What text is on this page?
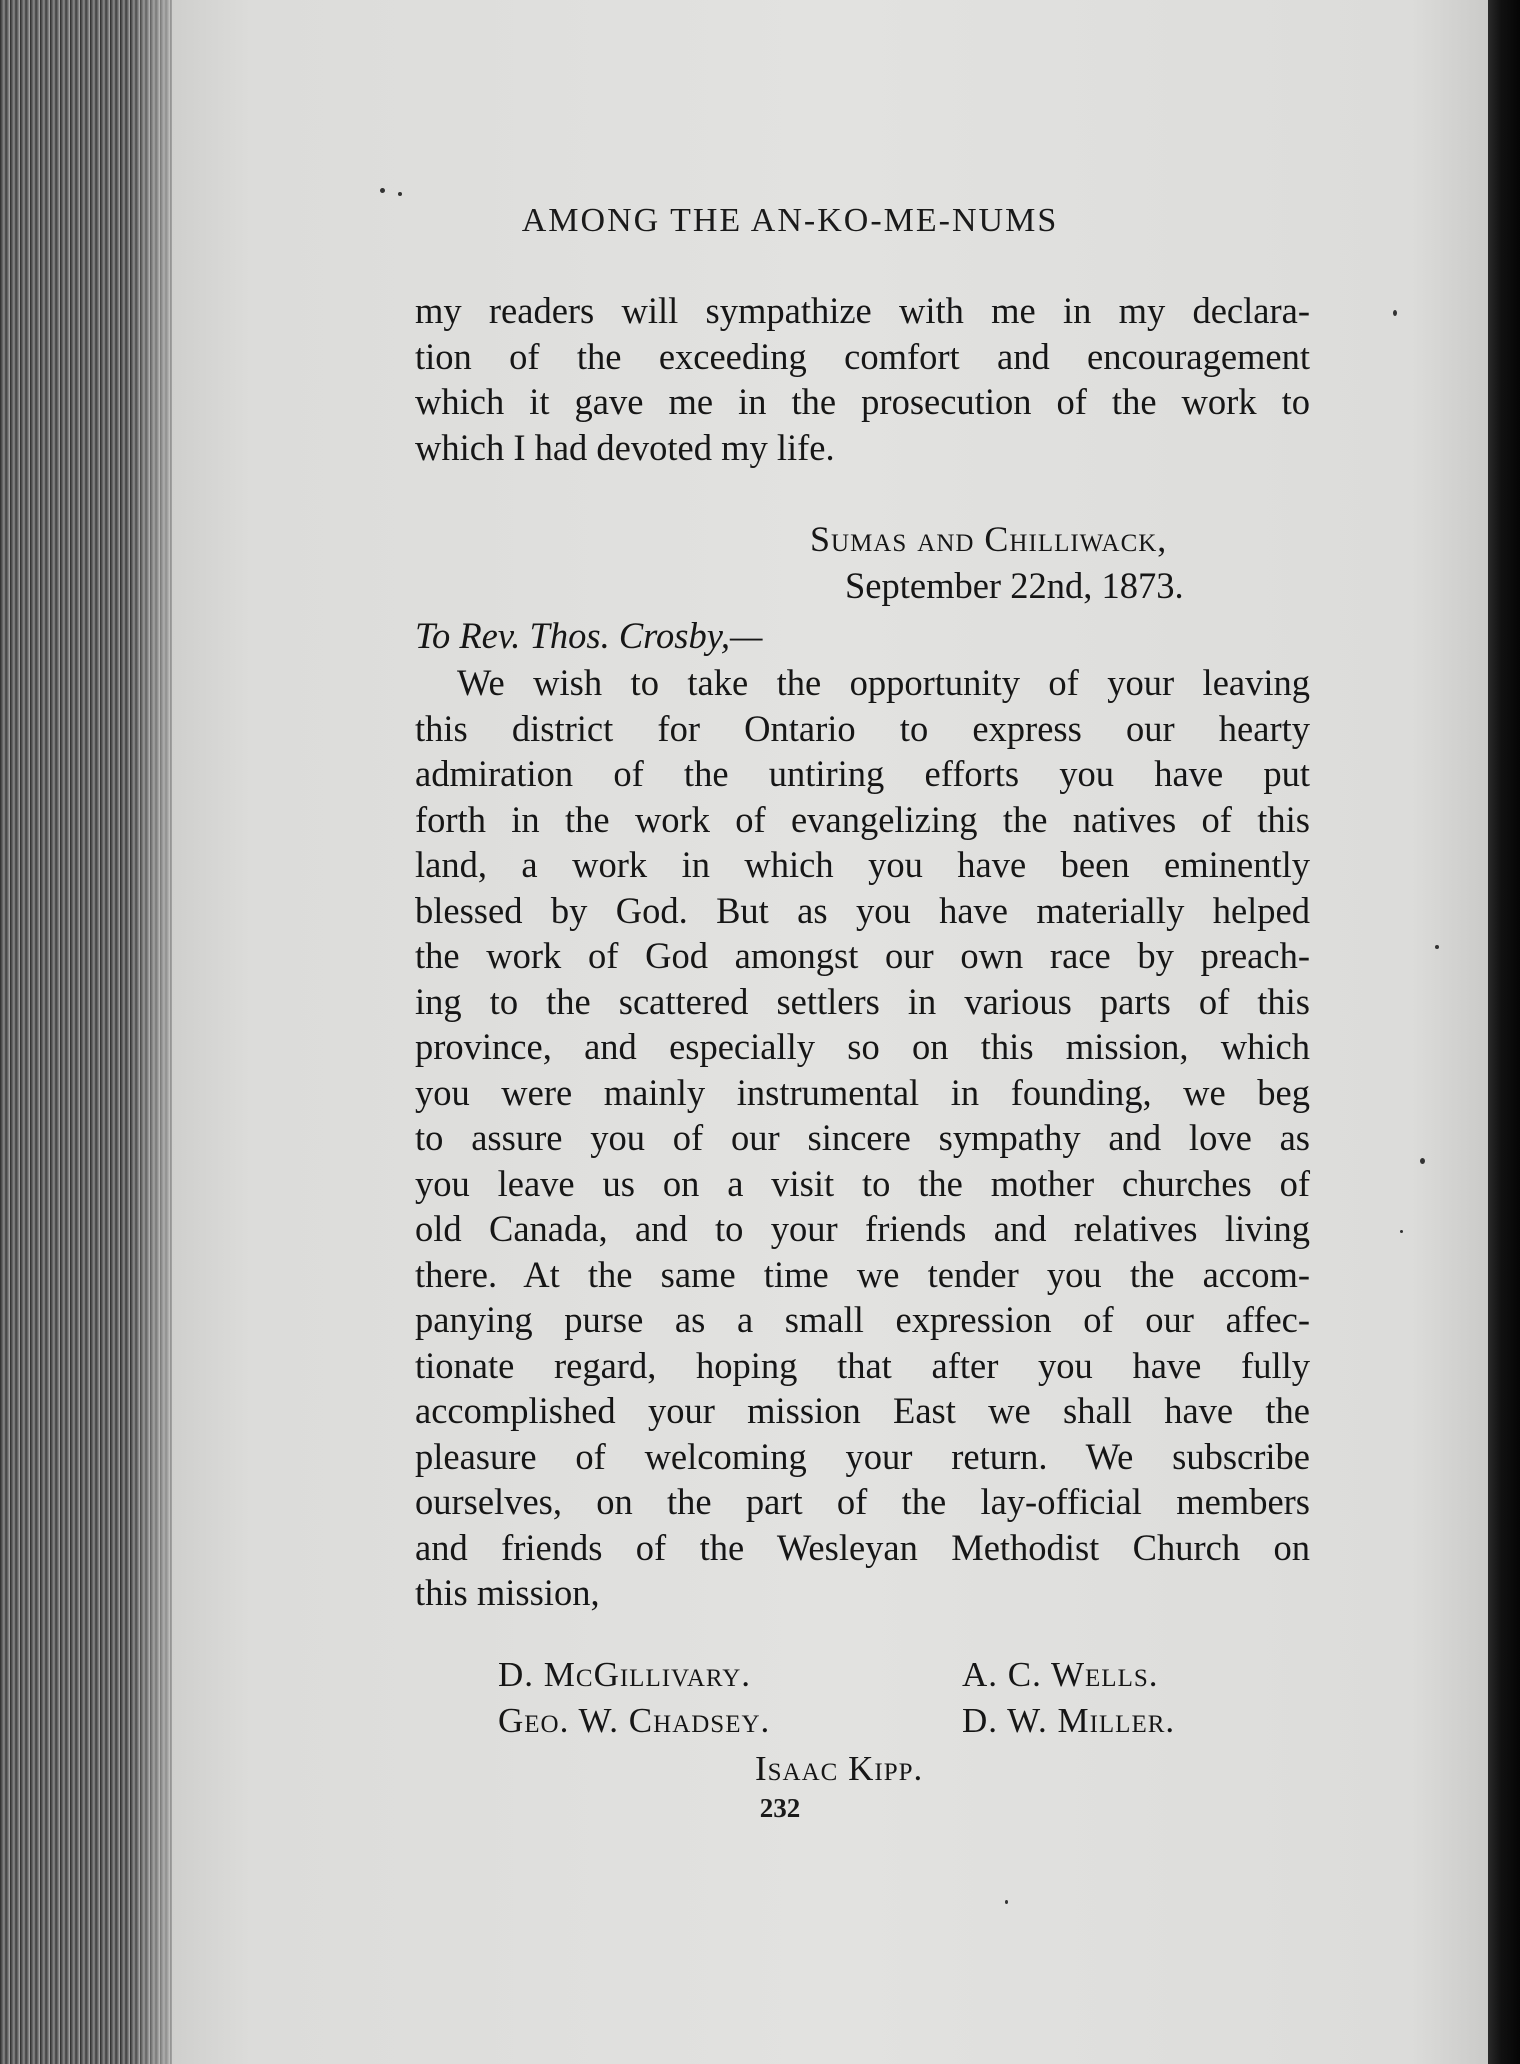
AMONG THE AN-KO-ME-NUMS
my readers will sympathize with me in my declara-
tion of the exceeding comfort and encouragement
which it gave me in the prosecution of the work to
which I had devoted my life.
Sumas and Chilliwack,
September 22nd, 1873.
To Rev. Thos. Crosby,—
We wish to take the opportunity of your leaving
this district for Ontario to express our hearty
admiration of the untiring efforts you have put
forth in the work of evangelizing the natives of this
land, a work in which you have been eminently
blessed by God. But as you have materially helped
the work of God amongst our own race by preach-
ing to the scattered settlers in various parts of this
province, and especially so on this mission, which
you were mainly instrumental in founding, we beg
to assure you of our sincere sympathy and love as
you leave us on a visit to the mother churches of
old Canada, and to your friends and relatives living
there. At the same time we tender you the accom-
panying purse as a small expression of our affec-
tionate regard, hoping that after you have fully
accomplished your mission East we shall have the
pleasure of welcoming your return. We subscribe
ourselves, on the part of the lay-official members
and friends of the Wesleyan Methodist Church on
this mission,
D. McGillivary.	A. C. Wells.
Geo. W. Chadsey.	D. W. Miller.
Isaac Kipp.
232
